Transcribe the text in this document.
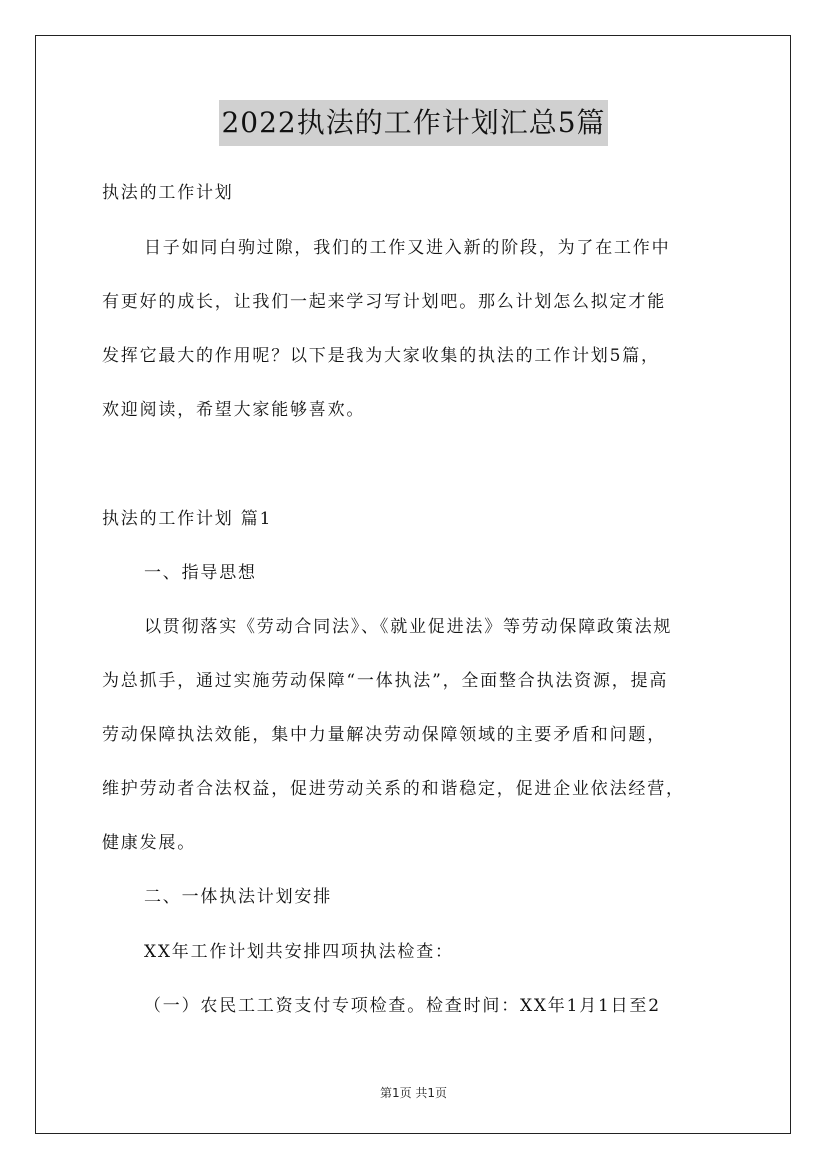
2022执法的工作计划汇总5篇
执法的工作计划
日子如同白驹过隙，我们的工作又进入新的阶段，为了在工作中
有更好的成长，让我们一起来学习写计划吧。那么计划怎么拟定才能
发挥它最大的作用呢？以下是我为大家收集的执法的工作计划5篇，
欢迎阅读，希望大家能够喜欢。
执法的工作计划 篇1
一、指导思想
以贯彻落实《劳动合同法》、《就业促进法》等劳动保障政策法规
为总抓手，通过实施劳动保障“一体执法”，全面整合执法资源，提高
劳动保障执法效能，集中力量解决劳动保障领域的主要矛盾和问题，
维护劳动者合法权益，促进劳动关系的和谐稳定，促进企业依法经营，
健康发展。
二、一体执法计划安排
XX年工作计划共安排四项执法检查：
（一）农民工工资支付专项检查。检查时间：XX年1月1日至2
第1页 共1页
